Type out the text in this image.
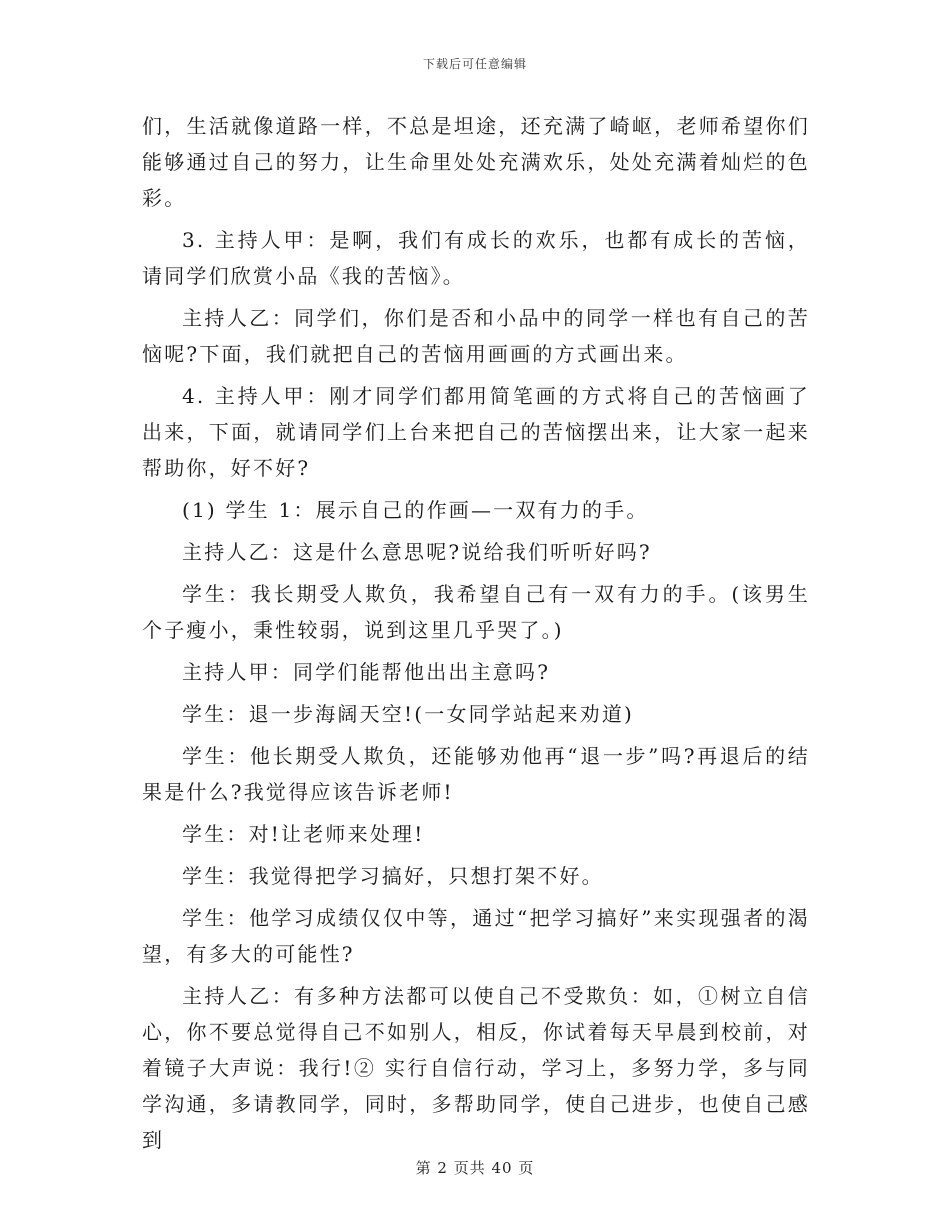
下载后可任意编辑

们，生活就像道路一样，不总是坦途，还充满了崎岖，老师希望你们能够通过自己的努力，让生命里处处充满欢乐，处处充满着灿烂的色彩。

3. 主持人甲：是啊，我们有成长的欢乐，也都有成长的苦恼，请同学们欣赏小品《我的苦恼》。

主持人乙：同学们，你们是否和小品中的同学一样也有自己的苦恼呢?下面，我们就把自己的苦恼用画画的方式画出来。

4. 主持人甲：刚才同学们都用简笔画的方式将自己的苦恼画了出来，下面，就请同学们上台来把自己的苦恼摆出来，让大家一起来帮助你，好不好?

(1) 学生 1：展示自己的作画—一双有力的手。

主持人乙：这是什么意思呢?说给我们听听好吗?

学生：我长期受人欺负，我希望自己有一双有力的手。(该男生个子瘦小，秉性较弱，说到这里几乎哭了。)

主持人甲：同学们能帮他出出主意吗?

学生：退一步海阔天空!(一女同学站起来劝道)

学生：他长期受人欺负，还能够劝他再“退一步”吗?再退后的结果是什么?我觉得应该告诉老师!

学生：对!让老师来处理!

学生：我觉得把学习搞好，只想打架不好。

学生：他学习成绩仅仅中等，通过“把学习搞好”来实现强者的渴望，有多大的可能性?

主持人乙：有多种方法都可以使自己不受欺负：如，①树立自信心，你不要总觉得自己不如别人，相反，你试着每天早晨到校前，对着镜子大声说：我行!② 实行自信行动，学习上，多努力学，多与同学沟通，多请教同学，同时，多帮助同学，使自己进步，也使自己感到

第 2 页共 40 页
